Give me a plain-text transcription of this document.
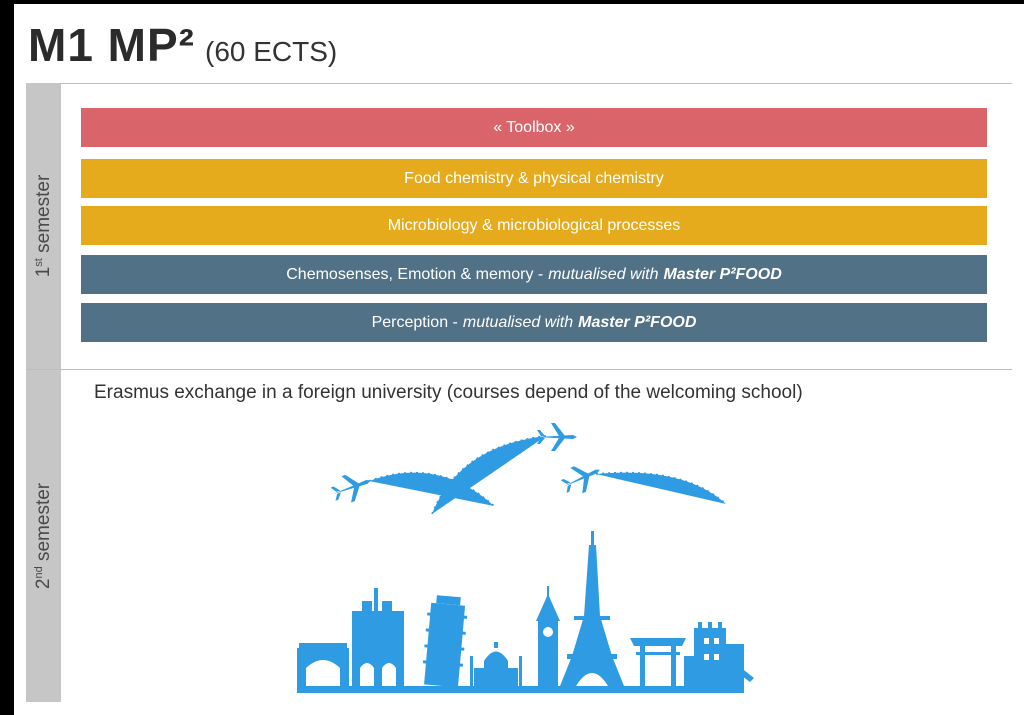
M1 MP² (60 ECTS)
1st semester
2nd semester
« Toolbox »
Food chemistry & physical chemistry
Microbiology & microbiological processes
Chemosenses, Emotion & memory - mutualised with Master P²FOOD
Perception - mutualised with Master P²FOOD
Erasmus exchange in a foreign university (courses depend of the welcoming school)
